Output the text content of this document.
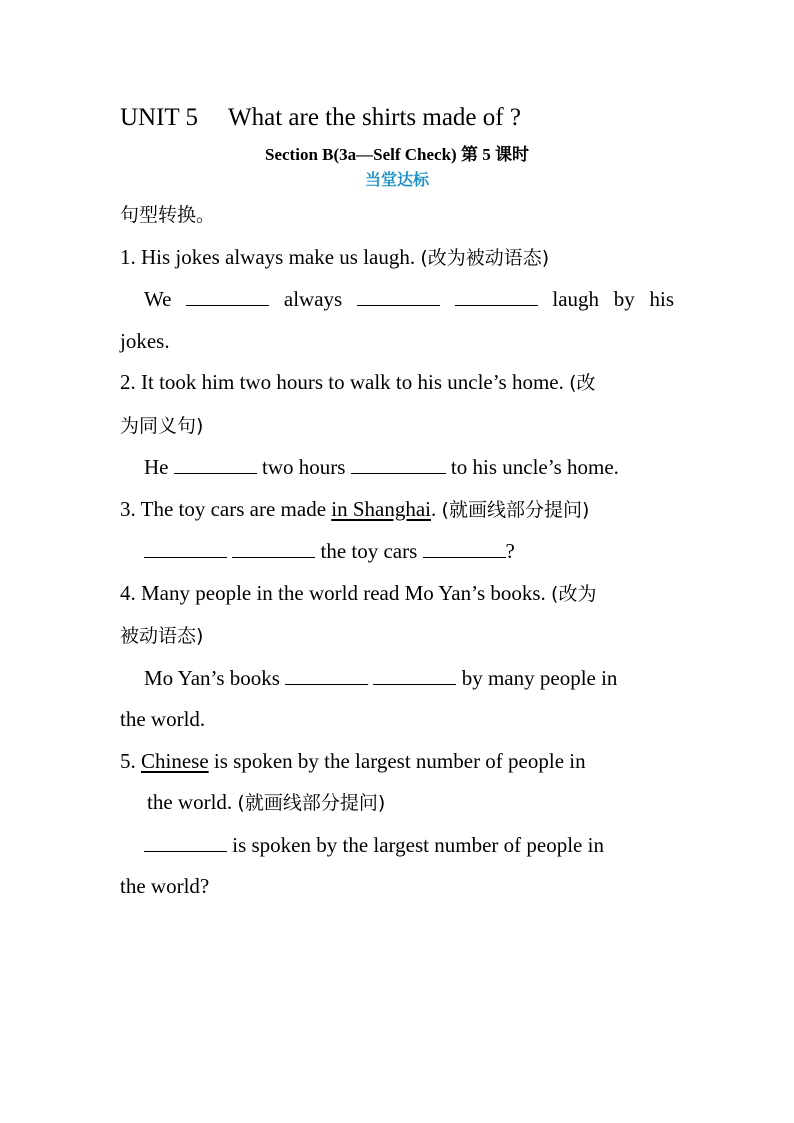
UNIT 5 What are the shirts made of ?
Section B(3a—Self Check) 第 5 课时
当堂达标
句型转换。
1. His jokes always make us laugh. (改为被动语态)
We	always	laugh by his
jokes.
2. It took him two hours to walk to his uncle’s home. (改
为同义句)
He	two hours	to his uncle’s home.
3. The toy cars are made in Shanghai. (就画线部分提问)
the toy cars	?
4. Many people in the world read Mo Yan’s books. (改为
被动语态)
Mo Yan’s books	by many people in
the world.
5. Chinese is spoken by the largest number of people in
the world. (就画线部分提问)
is spoken by the largest number of people in
the world?
